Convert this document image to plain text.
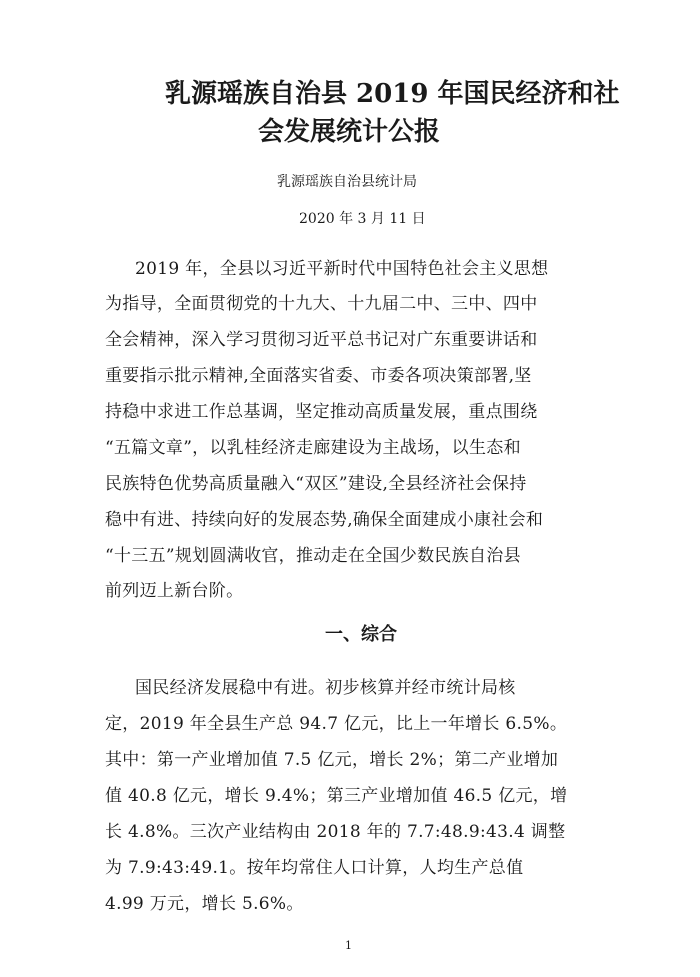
乳源瑶族自治县 2019 年国民经济和社
会发展统计公报
乳源瑶族自治县统计局
2020 年 3 月 11 日
2019 年，全县以习近平新时代中国特色社会主义思想
为指导，全面贯彻党的十九大、十九届二中、三中、四中
全会精神，深入学习贯彻习近平总书记对广东重要讲话和
重要指示批示精神,全面落实省委、市委各项决策部署,坚
持稳中求进工作总基调，坚定推动高质量发展，重点围绕
“五篇文章”，以乳桂经济走廊建设为主战场，以生态和
民族特色优势高质量融入“双区”建设,全县经济社会保持
稳中有进、持续向好的发展态势,确保全面建成小康社会和
“十三五”规划圆满收官，推动走在全国少数民族自治县
前列迈上新台阶。
一、综合
国民经济发展稳中有进。初步核算并经市统计局核
定，2019 年全县生产总 94.7 亿元，比上一年增长 6.5%。
其中：第一产业增加值 7.5 亿元，增长 2%；第二产业增加
值 40.8 亿元，增长 9.4%；第三产业增加值 46.5 亿元，增
长 4.8%。三次产业结构由 2018 年的 7.7:48.9:43.4 调整
为 7.9:43:49.1。按年均常住人口计算，人均生产总值
4.99 万元，增长 5.6%。
1
